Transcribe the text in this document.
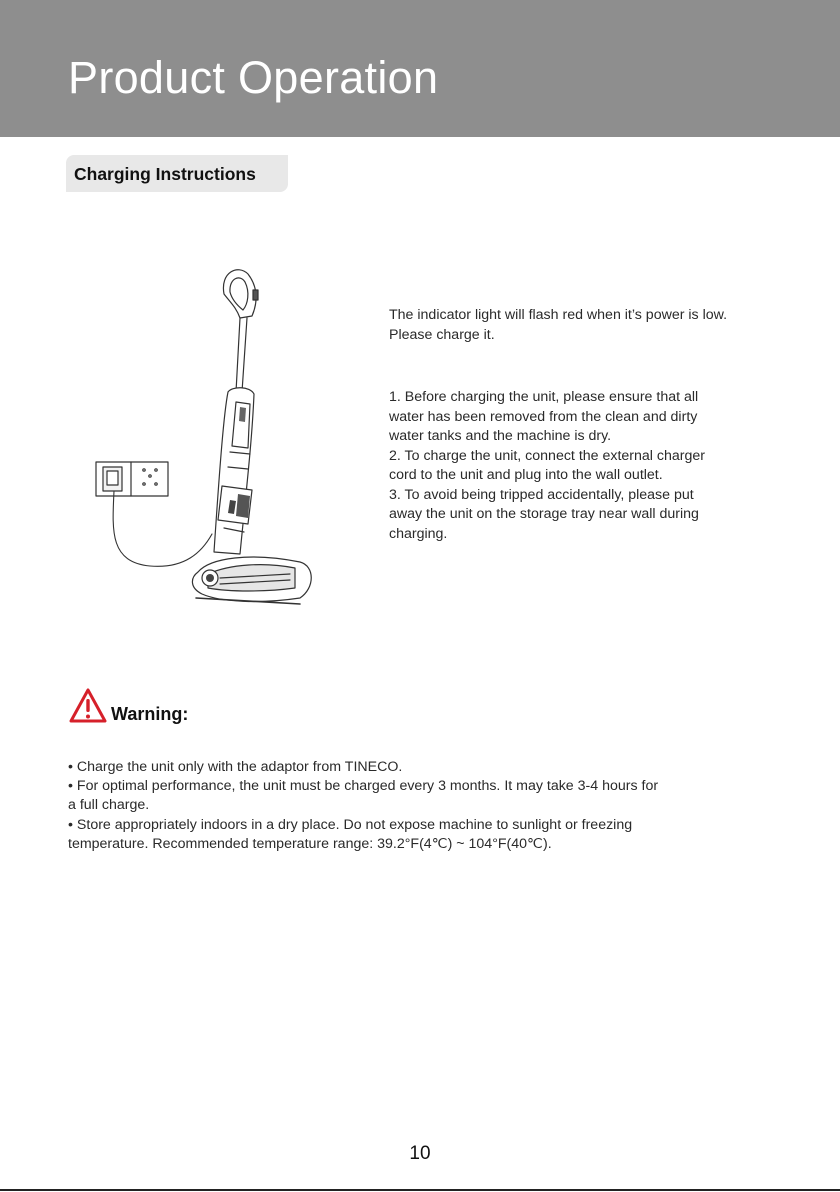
Product Operation
Charging Instructions

The indicator light will flash red when it’s power is low.

Please charge it.

1. Before charging the unit, please ensure that all

water has been removed from the clean and dirty

water tanks and the machine is dry.

2. To charge the unit, connect the external charger

cord to the unit and plug into the wall outlet.

3. To avoid being tripped accidentally, please put

away the unit on the storage tray near wall during

charging.

Warning:

• Charge the unit only with the adaptor from TINECO.

• For optimal performance, the unit must be charged every 3 months. It may take 3-4 hours for

a full charge.

• Store appropriately indoors in a dry place. Do not expose machine to sunlight or freezing

temperature. Recommended temperature range: 39.2°F(4℃) ~ 104°F(40℃).

10
